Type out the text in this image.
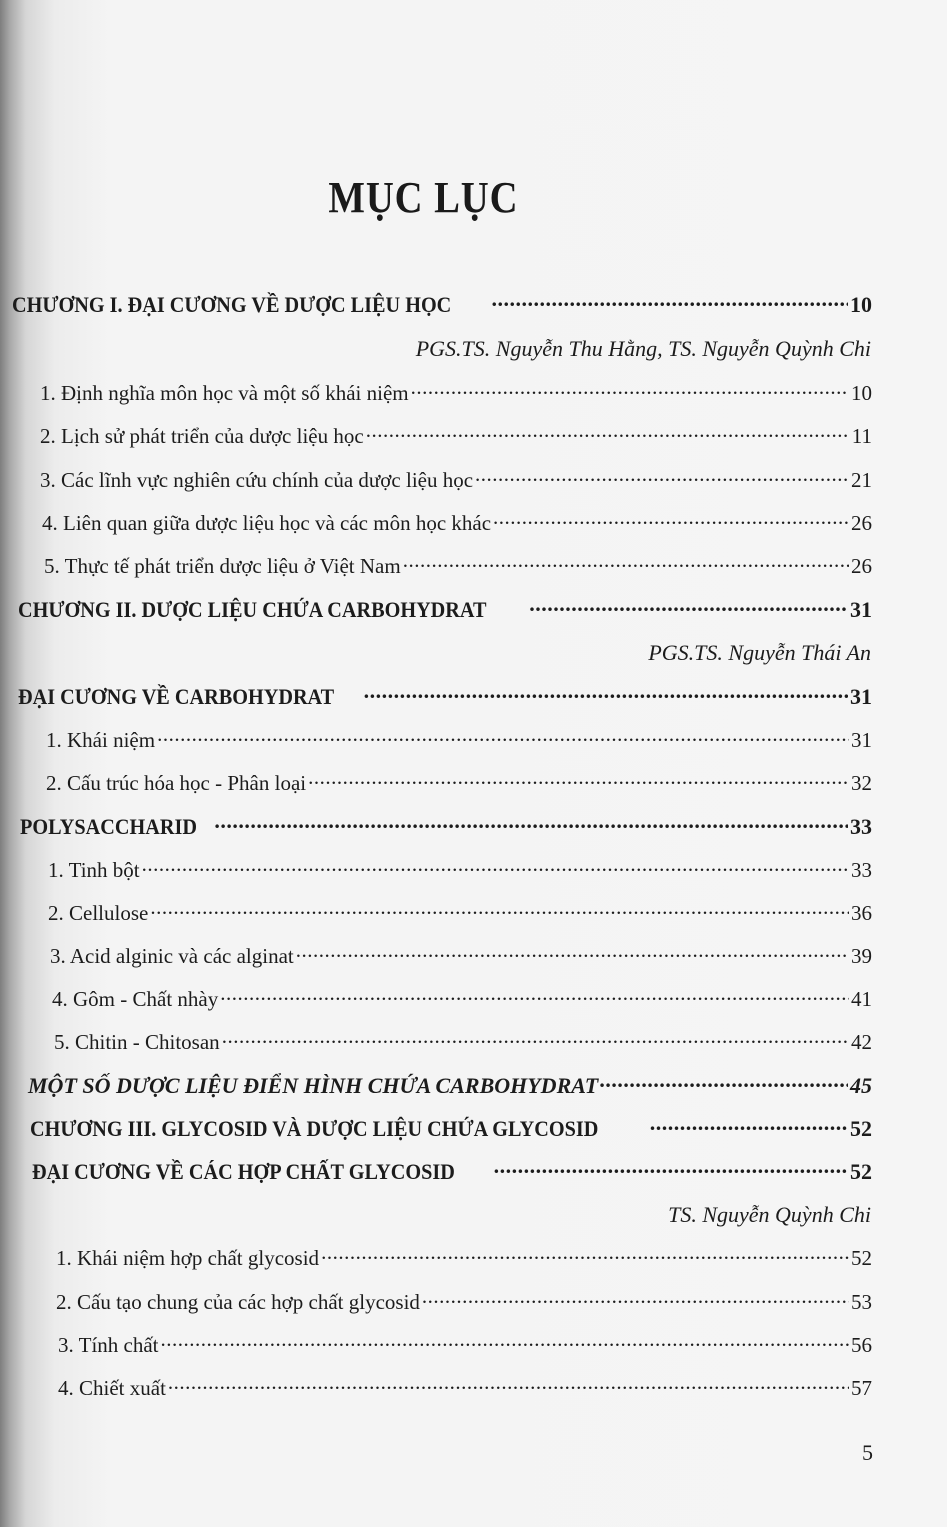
MỤC LỤC
CHƯƠNG I. ĐẠI CƯƠNG VỀ DƯỢC LIỆU HỌC .....	10
PGS.TS. Nguyễn Thu Hằng, TS. Nguyễn Quỳnh Chi
1. Định nghĩa môn học và một số khái niệm .....	10
2. Lịch sử phát triển của dược liệu học .....	11
3. Các lĩnh vực nghiên cứu chính của dược liệu học .....	21
4. Liên quan giữa dược liệu học và các môn học khác .....	26
5. Thực tế phát triển dược liệu ở Việt Nam .....	26
CHƯƠNG II. DƯỢC LIỆU CHỨA CARBOHYDRAT .....	31
PGS.TS. Nguyễn Thái An
ĐẠI CƯƠNG VỀ CARBOHYDRAT .....	31
1. Khái niệm .....	31
2. Cấu trúc hóa học - Phân loại .....	32
POLYSACCHARID .....	33
1. Tinh bột .....	33
2. Cellulose .....	36
3. Acid alginic và các alginat .....	39
4. Gôm - Chất nhày .....	41
5. Chitin - Chitosan .....	42
MỘT SỐ DƯỢC LIỆU ĐIỂN HÌNH CHỨA CARBOHYDRAT .....	45
CHƯƠNG III. GLYCOSID VÀ DƯỢC LIỆU CHỨA GLYCOSID .....	52
ĐẠI CƯƠNG VỀ CÁC HỢP CHẤT GLYCOSID .....	52
TS. Nguyễn Quỳnh Chi
1. Khái niệm hợp chất glycosid .....	52
2. Cấu tạo chung của các hợp chất glycosid .....	53
3. Tính chất .....	56
4. Chiết xuất .....	57
5
